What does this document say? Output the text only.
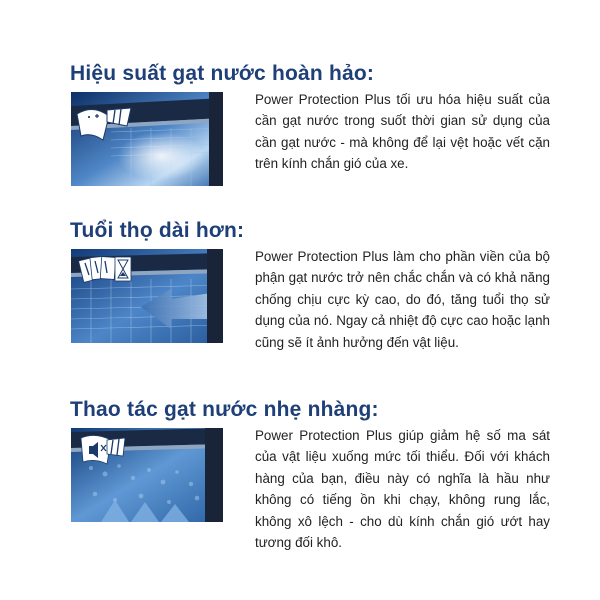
Hiệu suất gạt nước hoàn hảo:

Power Protection Plus tối ưu hóa hiệu suất của cần gạt nước trong suốt thời gian sử dụng của cần gạt nước - mà không để lại vệt hoặc vết cặn trên kính chắn gió của xe.

Tuổi thọ dài hơn:

Power Protection Plus làm cho phần viền của bộ phận gạt nước trở nên chắc chắn và có khả năng chống chịu cực kỳ cao, do đó, tăng tuổi thọ sử dụng của nó. Ngay cả nhiệt độ cực cao hoặc lạnh cũng sẽ ít ảnh hưởng đến vật liệu.

Thao tác gạt nước nhẹ nhàng:

Power Protection Plus giúp giảm hệ số ma sát của vật liệu xuống mức tối thiểu. Đối với khách hàng của bạn, điều này có nghĩa là hầu như không có tiếng ồn khi chạy, không rung lắc, không xô lệch - cho dù kính chắn gió ướt hay tương đối khô.
